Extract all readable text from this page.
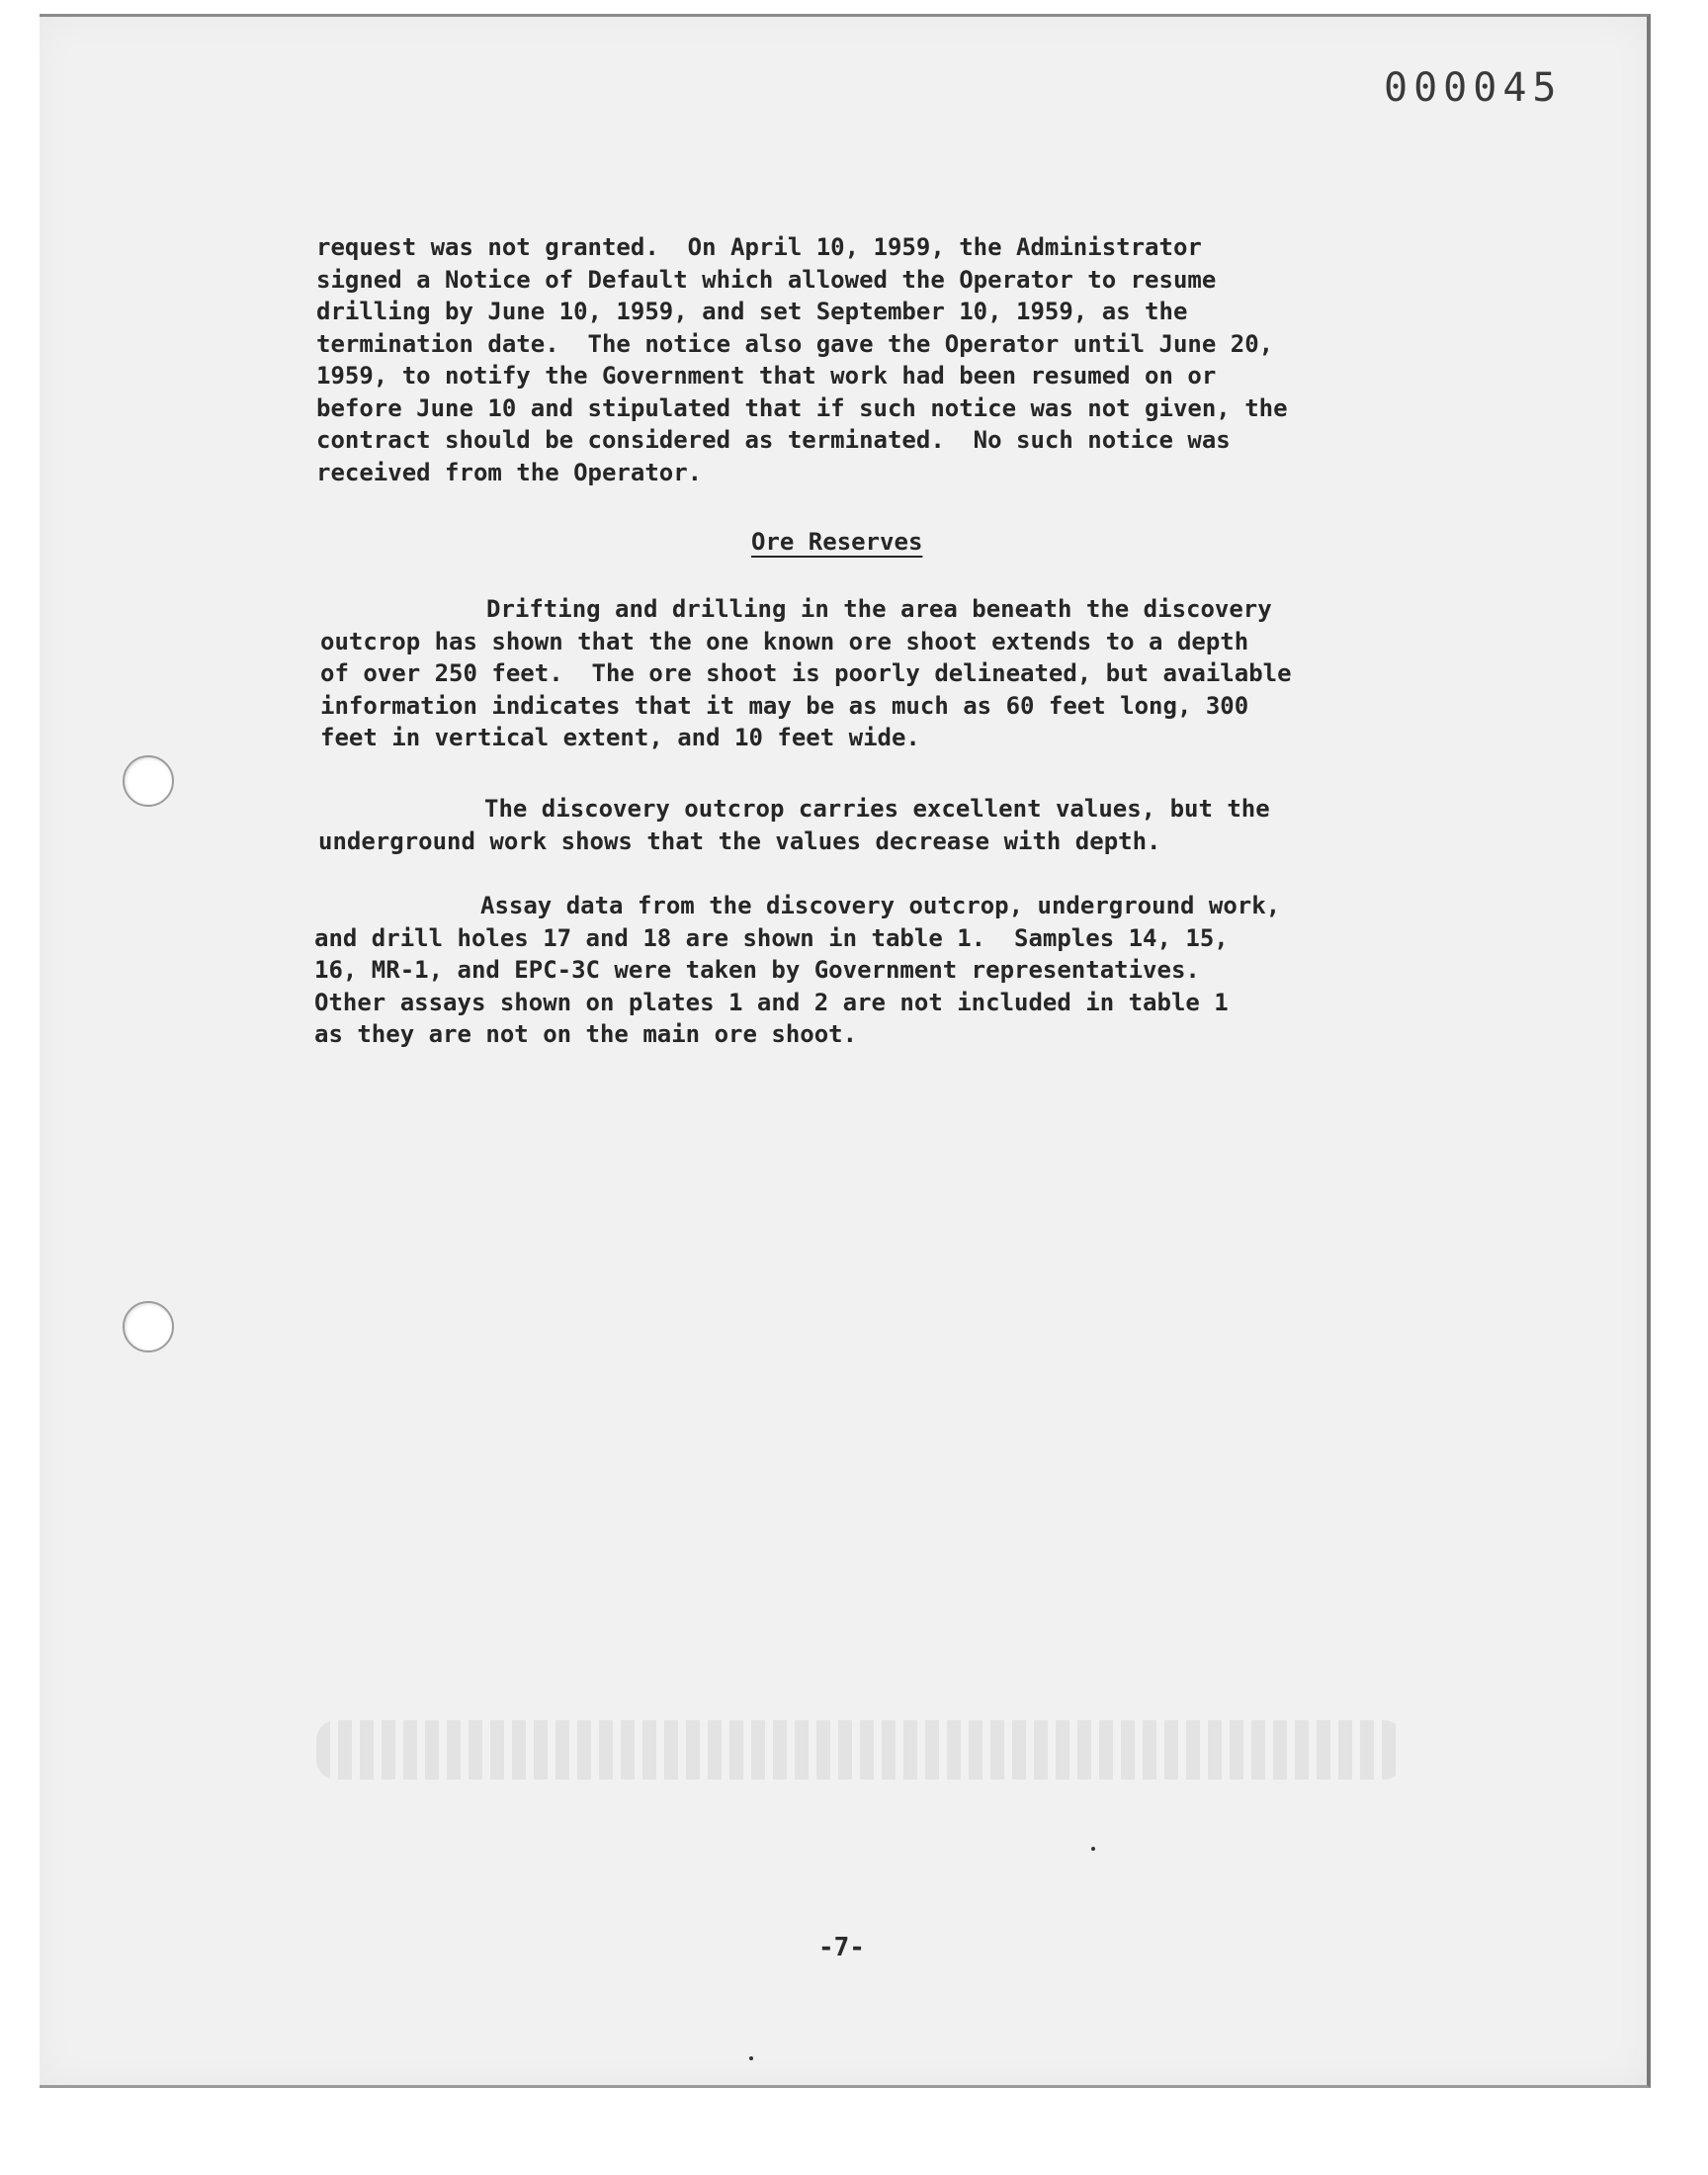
000045
request was not granted.  On April 10, 1959, the Administrator
signed a Notice of Default which allowed the Operator to resume
drilling by June 10, 1959, and set September 10, 1959, as the
termination date.  The notice also gave the Operator until June 20,
1959, to notify the Government that work had been resumed on or
before June 10 and stipulated that if such notice was not given, the
contract should be considered as terminated.  No such notice was
received from the Operator.
Ore Reserves
Drifting and drilling in the area beneath the discovery
outcrop has shown that the one known ore shoot extends to a depth
of over 250 feet.  The ore shoot is poorly delineated, but available
information indicates that it may be as much as 60 feet long, 300
feet in vertical extent, and 10 feet wide.
The discovery outcrop carries excellent values, but the
underground work shows that the values decrease with depth.
Assay data from the discovery outcrop, underground work,
and drill holes 17 and 18 are shown in table 1.  Samples 14, 15,
16, MR-1, and EPC-3C were taken by Government representatives.
Other assays shown on plates 1 and 2 are not included in table 1
as they are not on the main ore shoot.
-7-
